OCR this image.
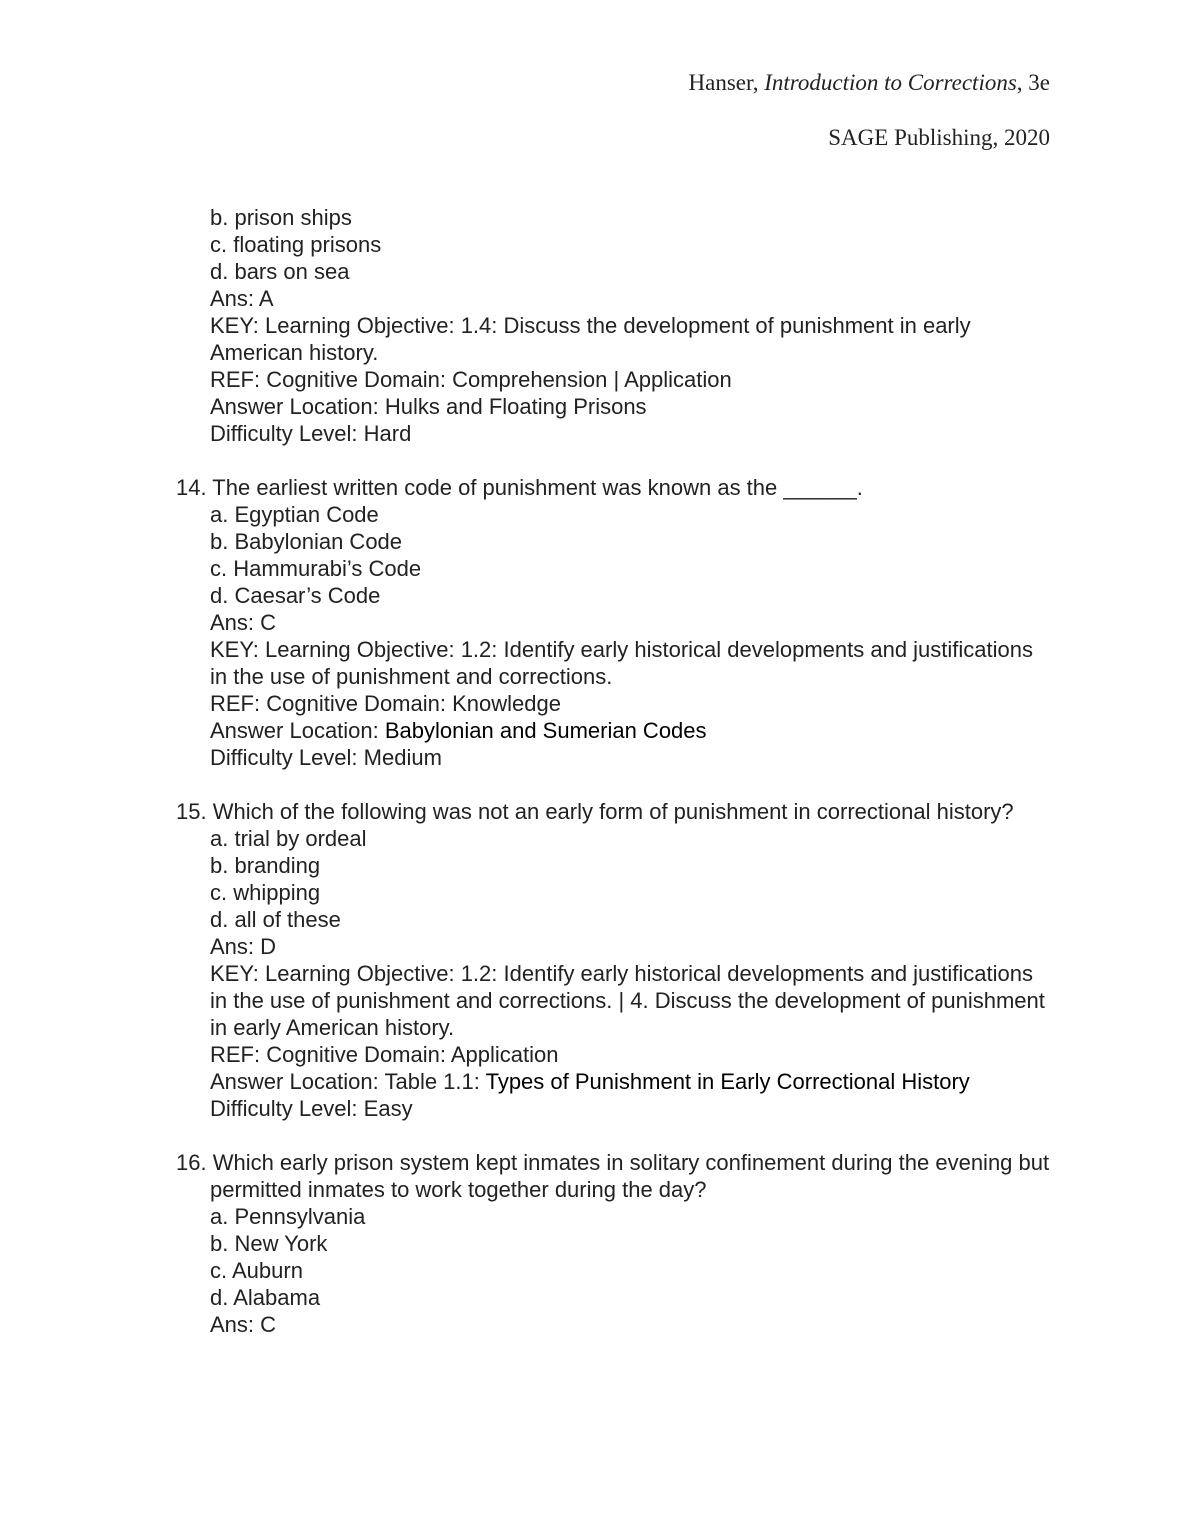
Hanser, Introduction to Corrections, 3e
SAGE Publishing, 2020
b. prison ships
c. floating prisons
d. bars on sea
Ans: A
KEY: Learning Objective: 1.4: Discuss the development of punishment in early American history.
REF: Cognitive Domain: Comprehension | Application
Answer Location: Hulks and Floating Prisons
Difficulty Level: Hard
14. The earliest written code of punishment was known as the ______.
a. Egyptian Code
b. Babylonian Code
c. Hammurabi’s Code
d. Caesar’s Code
Ans: C
KEY: Learning Objective: 1.2: Identify early historical developments and justifications in the use of punishment and corrections.
REF: Cognitive Domain: Knowledge
Answer Location: Babylonian and Sumerian Codes
Difficulty Level: Medium
15. Which of the following was not an early form of punishment in correctional history?
a. trial by ordeal
b. branding
c. whipping
d. all of these
Ans: D
KEY: Learning Objective: 1.2: Identify early historical developments and justifications in the use of punishment and corrections. | 4. Discuss the development of punishment in early American history.
REF: Cognitive Domain: Application
Answer Location: Table 1.1: Types of Punishment in Early Correctional History
Difficulty Level: Easy
16. Which early prison system kept inmates in solitary confinement during the evening but permitted inmates to work together during the day?
a. Pennsylvania
b. New York
c. Auburn
d. Alabama
Ans: C
